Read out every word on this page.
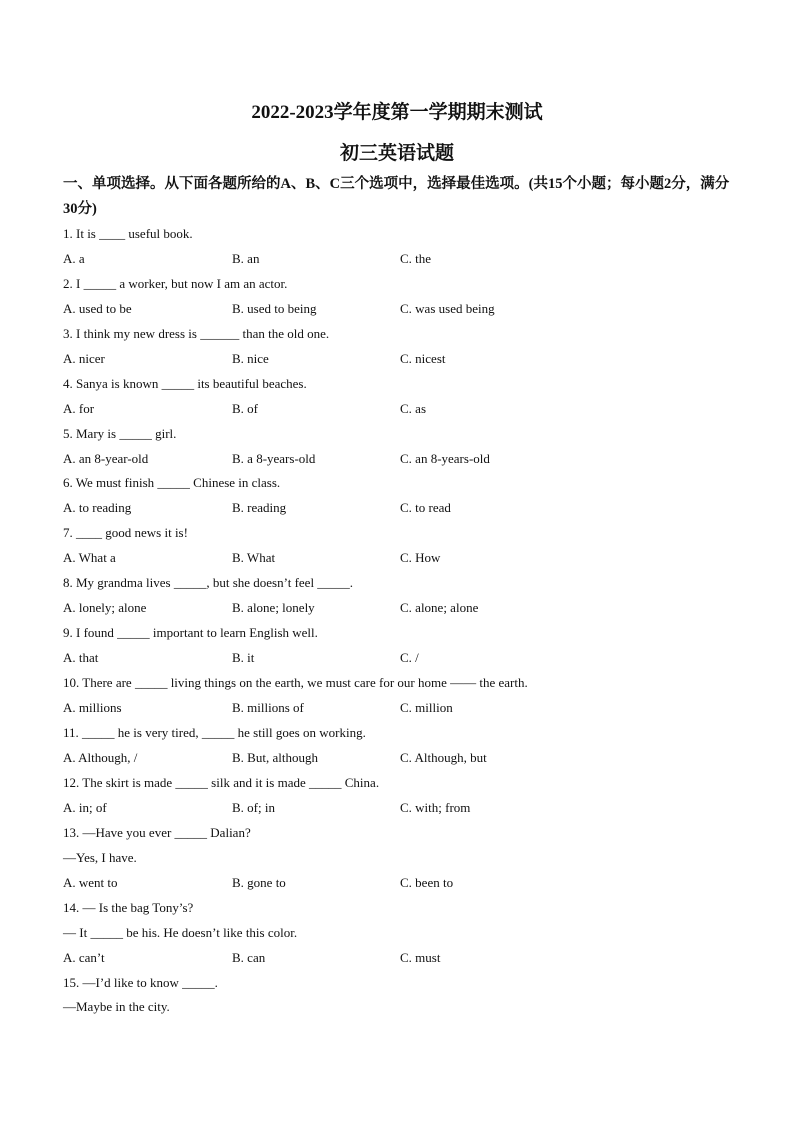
2022-2023学年度第一学期期末测试
初三英语试题
一、单项选择。从下面各题所给的A、B、C三个选项中，选择最佳选项。(共15个小题；每小题2分，满分30分)
1. It is ____ useful book.
A. a	B. an	C. the
2. I _____ a worker, but now I am an actor.
A. used to be	B. used to being	C. was used being
3. I think my new dress is ______ than the old one.
A. nicer	B. nice	C. nicest
4. Sanya is known _____ its beautiful beaches.
A. for	B. of	C. as
5. Mary is _____ girl.
A. an 8-year-old	B. a 8-years-old	C. an 8-years-old
6. We must finish _____ Chinese in class.
A. to reading	B. reading	C. to read
7. ____ good news it is!
A. What a	B. What	C. How
8. My grandma lives _____, but she doesn’t feel _____.
A. lonely; alone	B. alone; lonely	C. alone; alone
9. I found _____ important to learn English well.
A. that	B. it	C. /
10. There are _____ living things on the earth, we must care for our home —— the earth.
A. millions	B. millions of	C. million
11. _____ he is very tired, _____ he still goes on working.
A. Although, /	B. But, although	C. Although, but
12. The skirt is made _____ silk and it is made _____ China.
A. in; of	B. of; in	C. with; from
13. —Have you ever _____ Dalian?
—Yes, I have.
A. went to	B. gone to	C. been to
14. — Is the bag Tony’s?
— It _____ be his. He doesn’t like this color.
A. can’t	B. can	C. must
15. —I’d like to know _____.
—Maybe in the city.
